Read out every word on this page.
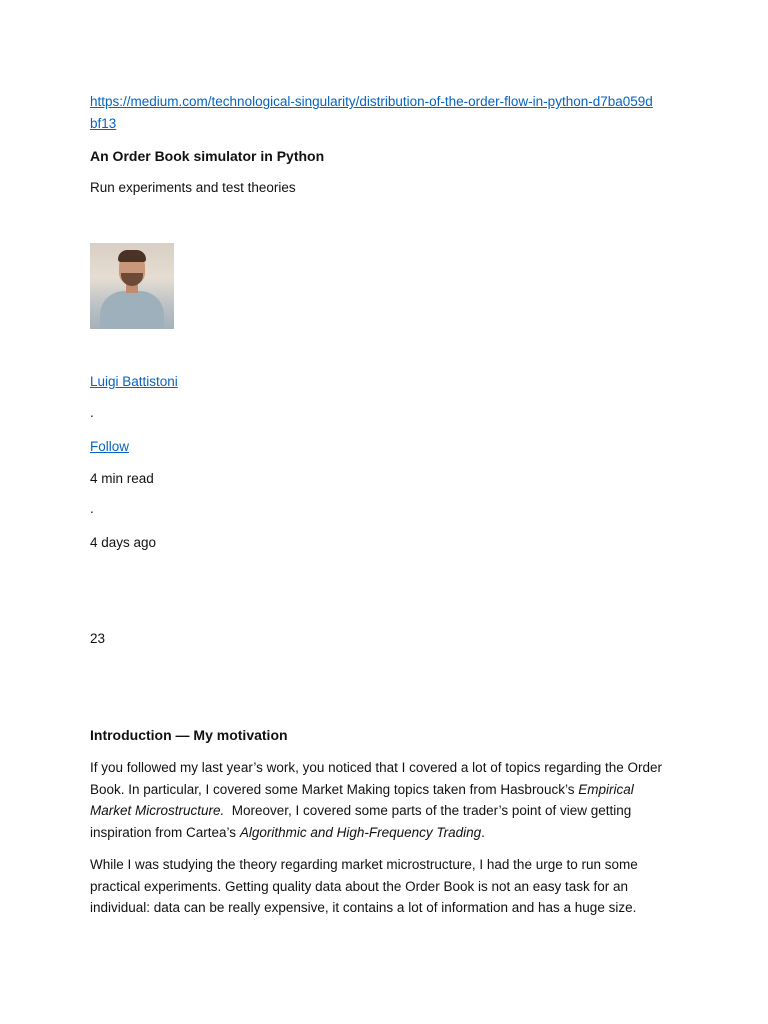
https://medium.com/technological-singularity/distribution-of-the-order-flow-in-python-d7ba059dbf13
An Order Book simulator in Python
Run experiments and test theories
Luigi Battistoni
.
Follow
4 min read
.
4 days ago
23
Introduction — My motivation
If you followed my last year’s work, you noticed that I covered a lot of topics regarding the Order Book. In particular, I covered some Market Making topics taken from Hasbrouck’s Empirical Market Microstructure.  Moreover, I covered some parts of the trader’s point of view getting inspiration from Cartea’s Algorithmic and High-Frequency Trading.
While I was studying the theory regarding market microstructure, I had the urge to run some practical experiments. Getting quality data about the Order Book is not an easy task for an individual: data can be really expensive, it contains a lot of information and has a huge size.
